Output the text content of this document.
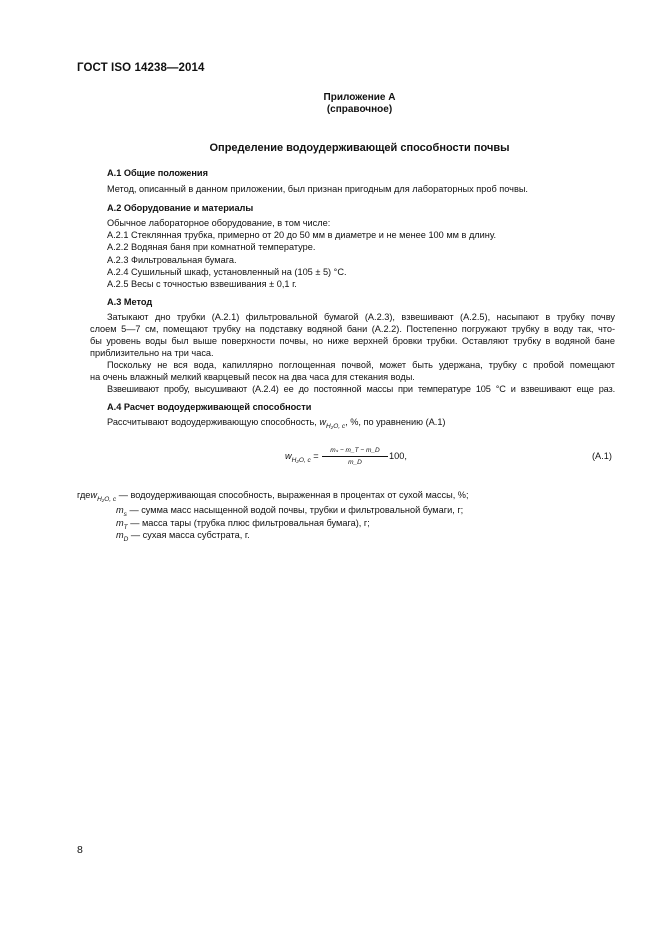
ГОСТ ISO 14238—2014
Приложение А
(справочное)
Определение водоудерживающей способности почвы
А.1 Общие положения
Метод, описанный в данном приложении, был признан пригодным для лабораторных проб почвы.
А.2 Оборудование и материалы
Обычное лабораторное оборудование, в том числе:
А.2.1 Стеклянная трубка, примерно от 20 до 50 мм в диаметре и не менее 100 мм в длину.
А.2.2 Водяная баня при комнатной температуре.
А.2.3 Фильтровальная бумага.
А.2.4 Сушильный шкаф, установленный на (105 ± 5) °С.
А.2.5 Весы с точностью взвешивания ± 0,1 г.
А.3 Метод
Затыкают дно трубки (А.2.1) фильтровальной бумагой (А.2.3), взвешивают (А.2.5), насыпают в трубку почву
слоем 5—7 см, помещают трубку на подставку водяной бани (А.2.2). Постепенно погружают трубку в воду так, что-
бы уровень воды был выше поверхности почвы, но ниже верхней бровки трубки. Оставляют трубку в водяной бане
приблизительно на три часа.
Поскольку не вся вода, капиллярно поглощенная почвой, может быть удержана, трубку с пробой помещают
на очень влажный мелкий кварцевый песок на два часа для стекания воды.
Взвешивают пробу, высушивают (А.2.4) ее до постоянной массы при температуре 105 °С и взвешивают еще раз.
А.4 Расчет водоудерживающей способности
Рассчитывают водоудерживающую способность, $w_{H_2O, c}$, %, по уравнению (А.1)
$w_{H_2O, c}$ =
mₛ − m_T − m_D
m_D
100,	(А.1)
гдеw$_{H_2O, c}$ — водоудерживающая способность, выраженная в процентах от сухой массы, %;
$m_s$ — сумма масс насыщенной водой почвы, трубки и фильтровальной бумаги, г;
$m_T$ — масса тары (трубка плюс фильтровальная бумага), г;
$m_D$ — сухая масса субстрата, г.
8
